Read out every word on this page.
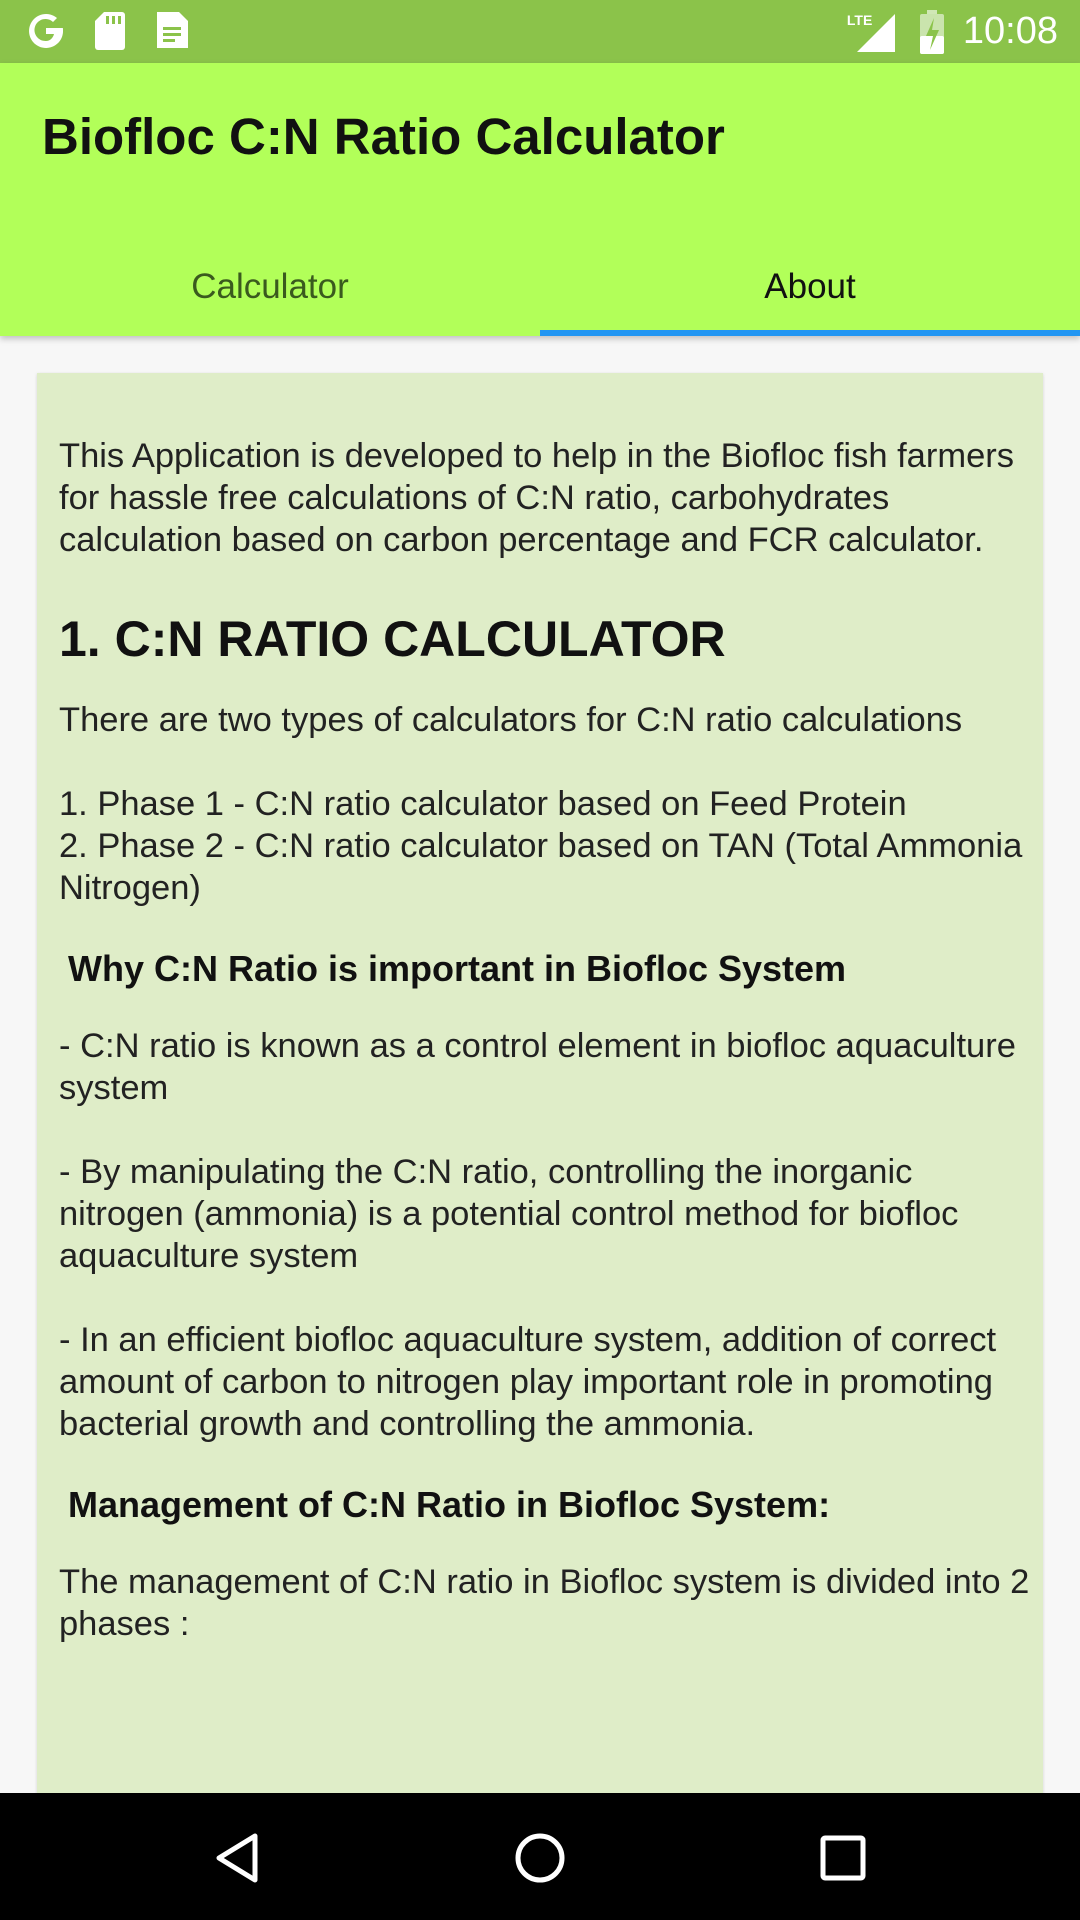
LTE 10:08
Biofloc C:N Ratio Calculator
Calculator	About

This Application is developed to help in the Biofloc fish farmers for hassle free calculations of C:N ratio, carbohydrates calculation based on carbon percentage and FCR calculator.

1. C:N RATIO CALCULATOR

There are two types of calculators for C:N ratio calculations

1. Phase 1 - C:N ratio calculator based on Feed Protein
2. Phase 2 - C:N ratio calculator based on TAN (Total Ammonia Nitrogen)

Why C:N Ratio is important in Biofloc System

- C:N ratio is known as a control element in biofloc aquaculture system

- By manipulating the C:N ratio, controlling the inorganic nitrogen (ammonia) is a potential control method for biofloc aquaculture system

- In an efficient biofloc aquaculture system, addition of correct amount of carbon to nitrogen play important role in promoting bacterial growth and controlling the ammonia.

Management of C:N Ratio in Biofloc System:

The management of C:N ratio in Biofloc system is divided into 2 phases :
